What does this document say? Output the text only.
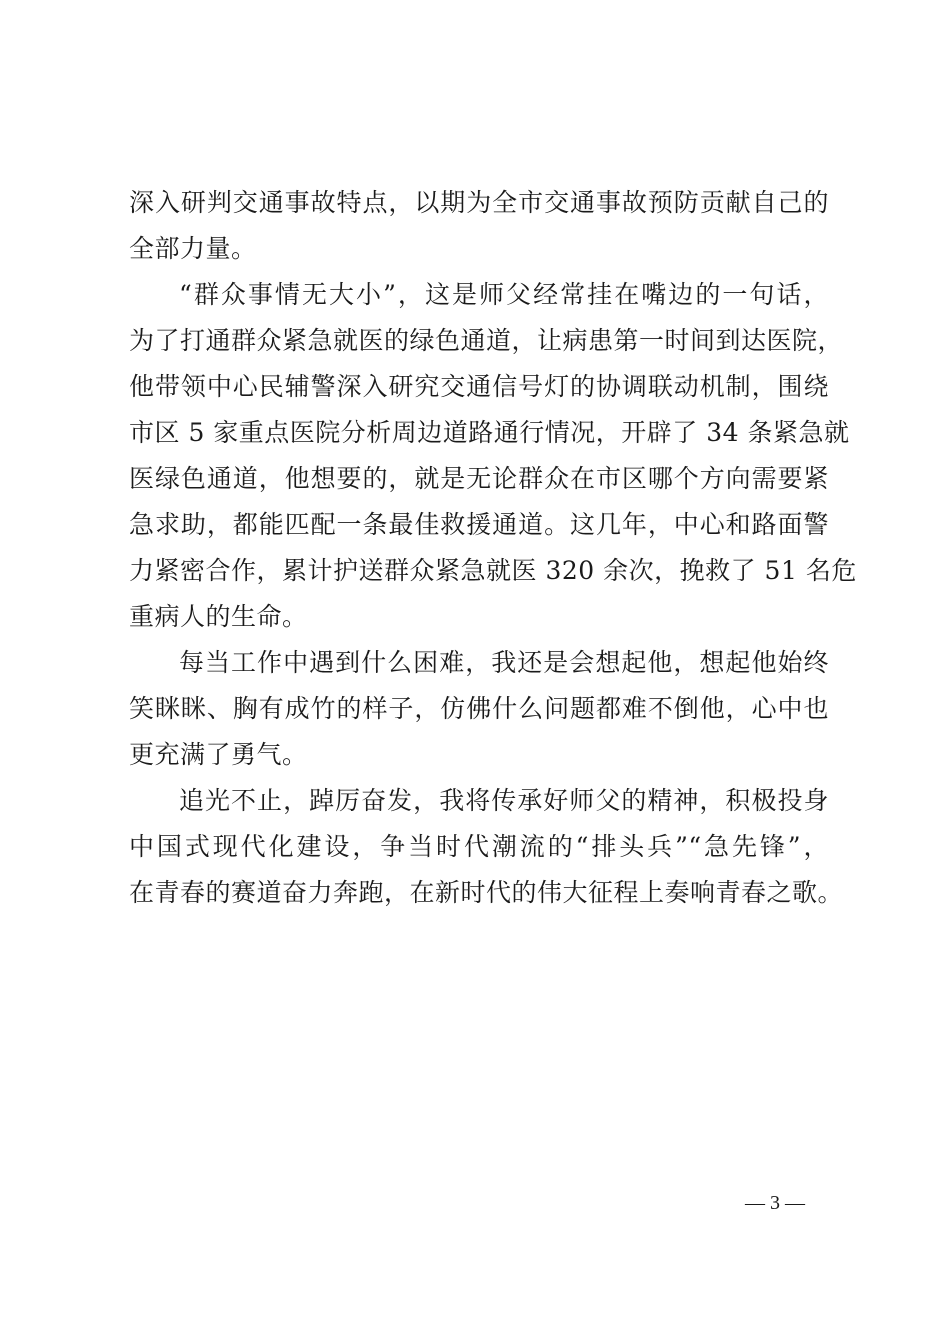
深入研判交通事故特点，以期为全市交通事故预防贡献自己的
全部力量。
“群众事情无大小”，这是师父经常挂在嘴边的一句话，
为了打通群众紧急就医的绿色通道，让病患第一时间到达医院，
他带领中心民辅警深入研究交通信号灯的协调联动机制，围绕
市区 5 家重点医院分析周边道路通行情况，开辟了 34 条紧急就
医绿色通道，他想要的，就是无论群众在市区哪个方向需要紧
急求助，都能匹配一条最佳救援通道。这几年，中心和路面警
力紧密合作，累计护送群众紧急就医 320 余次，挽救了 51 名危
重病人的生命。
每当工作中遇到什么困难，我还是会想起他，想起他始终
笑眯眯、胸有成竹的样子，仿佛什么问题都难不倒他，心中也
更充满了勇气。
追光不止，踔厉奋发，我将传承好师父的精神，积极投身
中国式现代化建设，争当时代潮流的“排头兵”“急先锋”，
在青春的赛道奋力奔跑，在新时代的伟大征程上奏响青春之歌。
— 3 —
